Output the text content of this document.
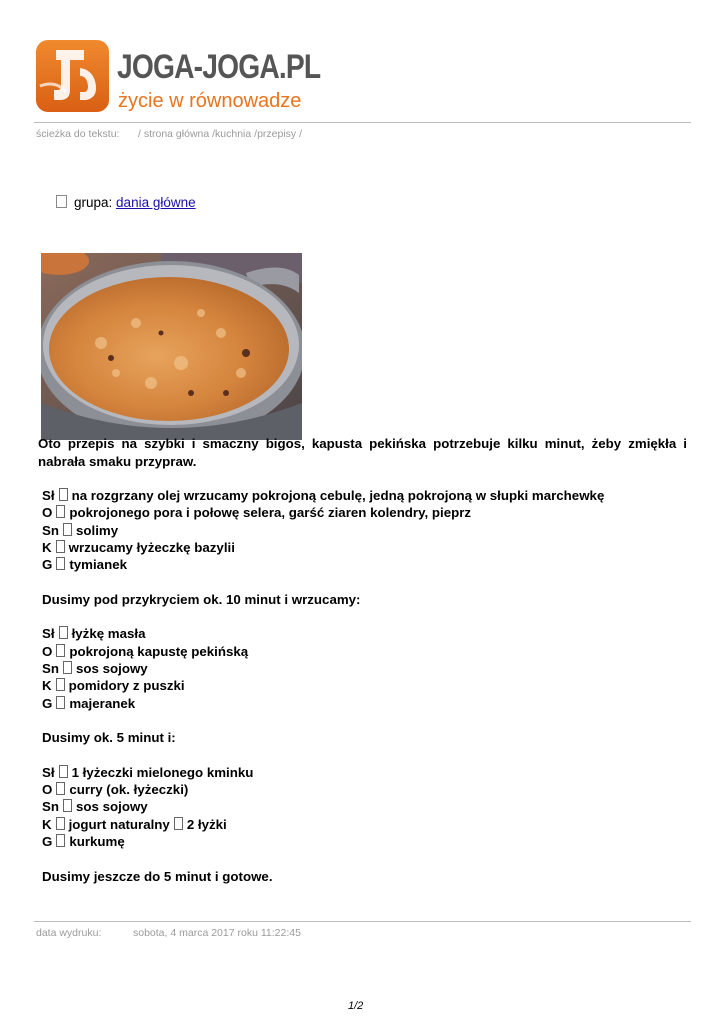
JOGA-JOGA.PL
życie w równowadze
ścieżka do tekstu: / strona główna /kuchnia /przepisy /
grupa: dania główne
Oto przepis na szybki i smaczny bigos, kapusta pekińska potrzebuje kilku minut, żeby zmiękła i nabrała smaku przypraw.
Sł na rozgrzany olej wrzucamy pokrojoną cebulę, jedną pokrojoną w słupki marchewkę
O pokrojonego pora i połowę selera, garść ziaren kolendry, pieprz
Sn solimy
K wrzucamy łyżeczkę bazylii
G tymianek
Dusimy pod przykryciem ok. 10 minut i wrzucamy:
Sł łyżkę masła
O pokrojoną kapustę pekińską
Sn sos sojowy
K pomidory z puszki
G majeranek
Dusimy ok. 5 minut i:
Sł 1 łyżeczki mielonego kminku
O curry (ok. łyżeczki)
Sn sos sojowy
K jogurt naturalny 2 łyżki
G kurkumę
Dusimy jeszcze do 5 minut i gotowe.
data wydruku:	sobota, 4 marca 2017 roku 11:22:45
1/2
